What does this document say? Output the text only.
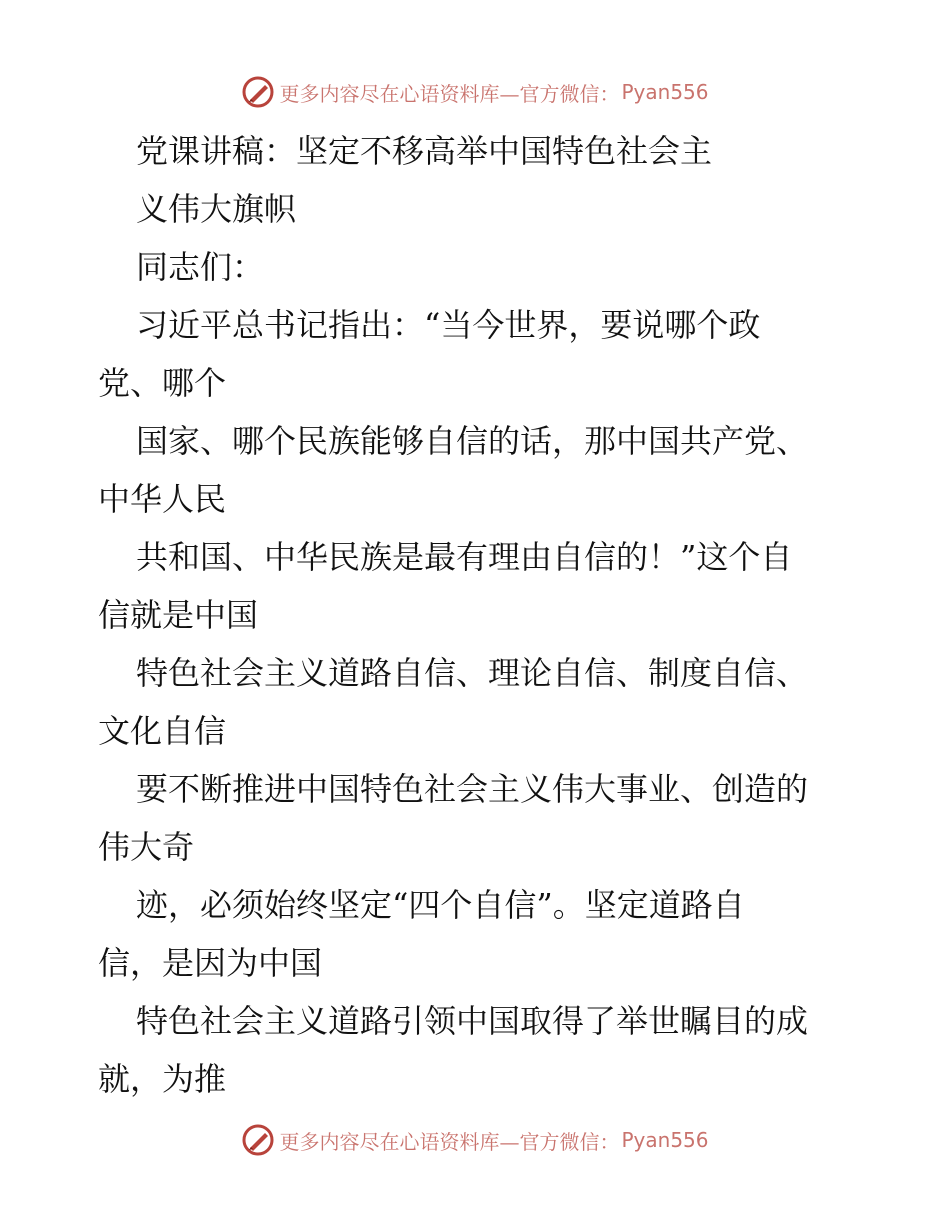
更多内容尽在心语资料库—官方微信： Pyan556
党课讲稿：坚定不移高举中国特色社会主
义伟大旗帜
同志们：
习近平总书记指出：“当今世界，要说哪个政
党、哪个
国家、哪个民族能够自信的话，那中国共产党、
中华人民
共和国、中华民族是最有理由自信的！”这个自
信就是中国
特色社会主义道路自信、理论自信、制度自信、
文化自信
要不断推进中国特色社会主义伟大事业、创造的
伟大奇
迹，必须始终坚定“四个自信”。坚定道路自
信，是因为中国
特色社会主义道路引领中国取得了举世瞩目的成
就，为推
更多内容尽在心语资料库—官方微信： Pyan556
